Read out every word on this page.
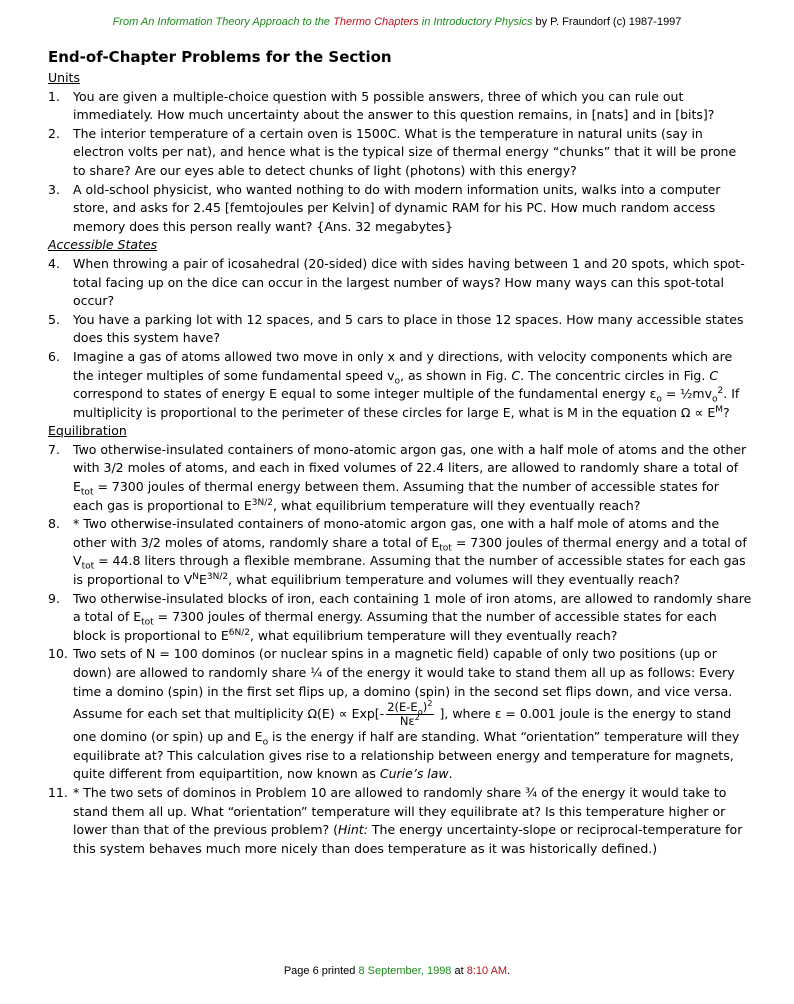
From An Information Theory Approach to the Thermo Chapters in Introductory Physics by P. Fraundorf (c) 1987-1997
End-of-Chapter Problems for the Section
Units
1.	You are given a multiple-choice question with 5 possible answers, three of which you can rule out immediately. How much uncertainty about the answer to this question remains, in [nats] and in [bits]?
2.	The interior temperature of a certain oven is 1500C. What is the temperature in natural units (say in electron volts per nat), and hence what is the typical size of thermal energy “chunks” that it will be prone to share? Are our eyes able to detect chunks of light (photons) with this energy?
3.	A old-school physicist, who wanted nothing to do with modern information units, walks into a computer store, and asks for 2.45 [femtojoules per Kelvin] of dynamic RAM for his PC. How much random access memory does this person really want? {Ans. 32 megabytes}
Accessible States
4.	When throwing a pair of icosahedral (20-sided) dice with sides having between 1 and 20 spots, which spot-total facing up on the dice can occur in the largest number of ways? How many ways can this spot-total occur?
5.	You have a parking lot with 12 spaces, and 5 cars to place in those 12 spaces. How many accessible states does this system have?
6.	Imagine a gas of atoms allowed two move in only x and y directions, with velocity components which are the integer multiples of some fundamental speed $v_o$, as shown in Fig. C. The concentric circles in Fig. C correspond to states of energy E equal to some integer multiple of the fundamental energy $\varepsilon_o$ = $\frac{1}{2}mv_o^2$. If multiplicity is proportional to the perimeter of these circles for large E, what is M in the equation $\Omega \propto E^M$?
Equilibration
7.	Two otherwise-insulated containers of mono-atomic argon gas, one with a half mole of atoms and the other with 3/2 moles of atoms, and each in fixed volumes of 22.4 liters, are allowed to randomly share a total of $E_{tot} = 7300$ joules of thermal energy between them. Assuming that the number of accessible states for each gas is proportional to $E^{3N/2}$, what equilibrium temperature will they eventually reach?
8.	* Two otherwise-insulated containers of mono-atomic argon gas, one with a half mole of atoms and the other with 3/2 moles of atoms, randomly share a total of $E_{tot} = 7300$ joules of thermal energy and a total of $V_{tot} = 44.8$ liters through a flexible membrane. Assuming that the number of accessible states for each gas is proportional to $V^NE^{3N/2}$, what equilibrium temperature and volumes will they eventually reach?
9.	Two otherwise-insulated blocks of iron, each containing 1 mole of iron atoms, are allowed to randomly share a total of $E_{tot} = 7300$ joules of thermal energy. Assuming that the number of accessible states for each block is proportional to $E^{6N/2}$, what equilibrium temperature will they eventually reach?
10. Two sets of N = 100 dominos (or nuclear spins in a magnetic field) capable of only two positions (up or down) are allowed to randomly share ¼ of the energy it would take to stand them all up as follows: Every time a domino (spin) in the first set flips up, a domino (spin) in the second set flips down, and vice versa. Assume for each set that multiplicity $\Omega(E) \propto Exp[- \frac{2(E-E_o)^2}{N\varepsilon^2}$ ], where ε = 0.001 joule is the energy to stand one domino (or spin) up and $E_o$ is the energy if half are standing. What “orientation” temperature will they equilibrate at? This calculation gives rise to a relationship between energy and temperature for magnets, quite different from equipartition, now known as Curie’s law.
11. * The two sets of dominos in Problem 10 are allowed to randomly share ¾ of the energy it would take to stand them all up. What “orientation” temperature will they equilibrate at? Is this temperature higher or lower than that of the previous problem? (Hint: The energy uncertainty-slope or reciprocal-temperature for this system behaves much more nicely than does temperature as it was historically defined.)
Page 6 printed 8 September, 1998 at 8:10 AM.
